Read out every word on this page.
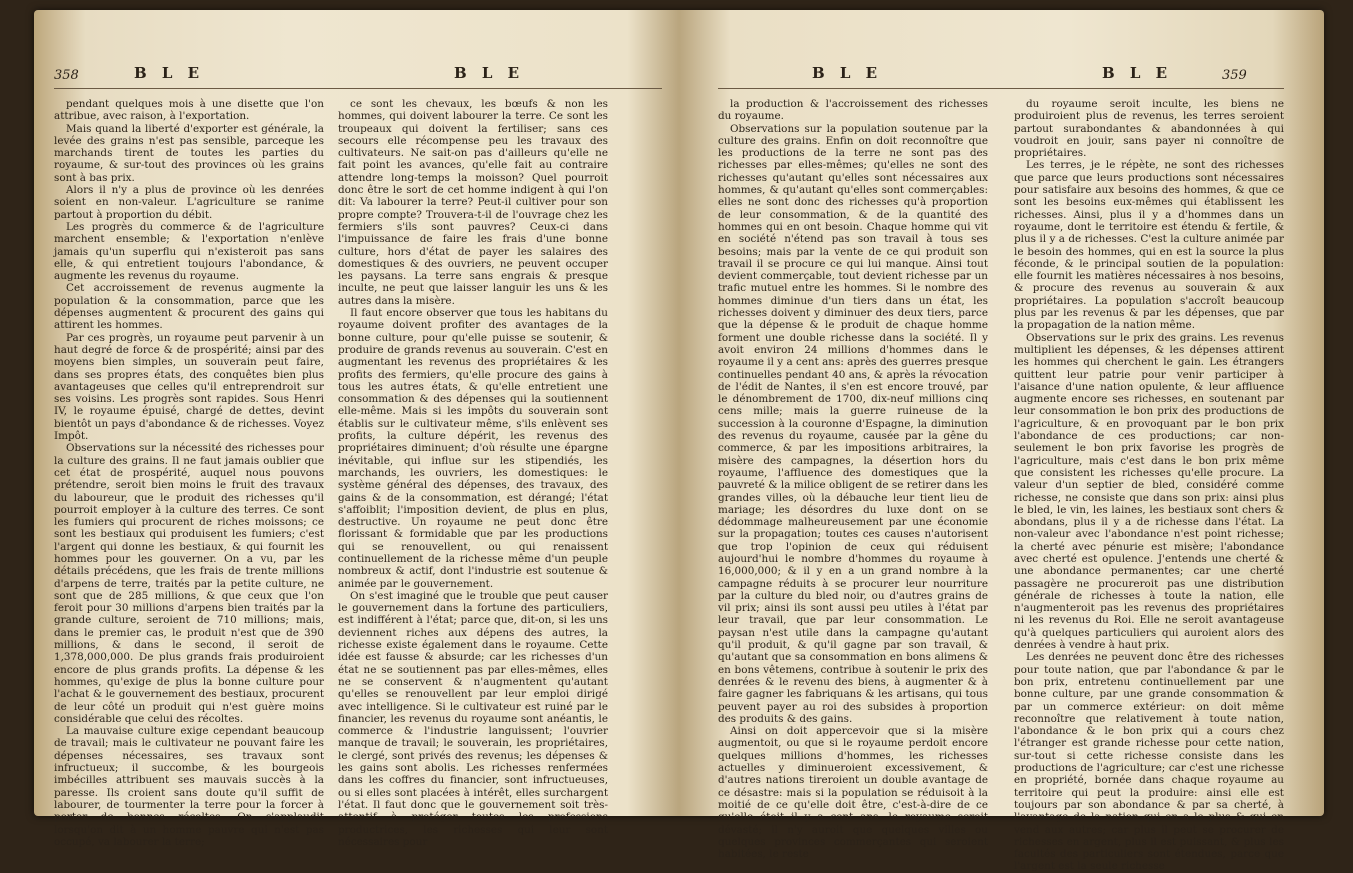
358	B L E	B L E

pendant quelques mois à une disette que l'on attribue, avec raison, à l'exportation.

Mais quand la liberté d'exporter est générale, la levée des grains n'est pas sensible, parceque les marchands tirent de toutes les parties du royaume, & sur-tout des provinces où les grains sont à bas prix.

Alors il n'y a plus de province où les denrées soient en non-valeur. L'agriculture se ranime partout à proportion du débit.

Les progrès du commerce & de l'agriculture marchent ensemble; & l'exportation n'enlève jamais qu'un superflu qui n'existeroit pas sans elle, & qui entretient toujours l'abondance, & augmente les revenus du royaume.

Cet accroissement de revenus augmente la population & la consommation, parce que les dépenses augmentent & procurent des gains qui attirent les hommes.

Par ces progrès, un royaume peut parvenir à un haut degré de force & de prospérité; ainsi par des moyens bien simples, un souverain peut faire, dans ses propres états, des conquêtes bien plus avantageuses que celles qu'il entreprendroit sur ses voisins. Les progrès sont rapides. Sous Henri IV, le royaume épuisé, chargé de dettes, devint bientôt un pays d'abondance & de richesses. Voyez Impôt.

Observations sur la nécessité des richesses pour la culture des grains. Il ne faut jamais oublier que cet état de prospérité, auquel nous pouvons prétendre, seroit bien moins le fruit des travaux du laboureur, que le produit des richesses qu'il pourroit employer à la culture des terres. Ce sont les fumiers qui procurent de riches moissons; ce sont les bestiaux qui produisent les fumiers; c'est l'argent qui donne les bestiaux, & qui fournit les hommes pour les gouverner. On a vu, par les détails précédens, que les frais de trente millions d'arpens de terre, traités par la petite culture, ne sont que de 285 millions, & que ceux que l'on feroit pour 30 millions d'arpens bien traités par la grande culture, seroient de 710 millions; mais, dans le premier cas, le produit n'est que de 390 millions, & dans le second, il seroit de 1,378,000,000. De plus grands frais produiroient encore de plus grands profits. La dépense & les hommes, qu'exige de plus la bonne culture pour l'achat & le gouvernement des bestiaux, procurent de leur côté un produit qui n'est guère moins considérable que celui des récoltes.

La mauvaise culture exige cependant beaucoup de travail; mais le cultivateur ne pouvant faire les dépenses nécessaires, ses travaux sont infructueux; il succombe, & les bourgeois imbécilles attribuent ses mauvais succès à la paresse. Ils croient sans doute qu'il suffit de labourer, de tourmenter la terre pour la forcer à porter de bonnes récoltes. On s'applaudit lorsqu'on dit à un homme pauvre qui n'est pas occupé, va labourer la terre;

ce sont les chevaux, les bœufs & non les hommes, qui doivent labourer la terre. Ce sont les troupeaux qui doivent la fertiliser; sans ces secours elle récompense peu les travaux des cultivateurs. Ne sait-on pas d'ailleurs qu'elle ne fait point les avances, qu'elle fait au contraire attendre long-temps la moisson? Quel pourroit donc être le sort de cet homme indigent à qui l'on dit: Va labourer la terre? Peut-il cultiver pour son propre compte? Trouvera-t-il de l'ouvrage chez les fermiers s'ils sont pauvres? Ceux-ci dans l'impuissance de faire les frais d'une bonne culture, hors d'état de payer les salaires des domestiques & des ouvriers, ne peuvent occuper les paysans. La terre sans engrais & presque inculte, ne peut que laisser languir les uns & les autres dans la misère.

Il faut encore observer que tous les habitans du royaume doivent profiter des avantages de la bonne culture, pour qu'elle puisse se soutenir, & produire de grands revenus au souverain. C'est en augmentant les revenus des propriétaires & les profits des fermiers, qu'elle procure des gains à tous les autres états, & qu'elle entretient une consommation & des dépenses qui la soutiennent elle-même. Mais si les impôts du souverain sont établis sur le cultivateur même, s'ils enlèvent ses profits, la culture dépérit, les revenus des propriétaires diminuent; d'où résulte une épargne inévitable, qui influe sur les stipendiés, les marchands, les ouvriers, les domestiques: le système général des dépenses, des travaux, des gains & de la consommation, est dérangé; l'état s'affoiblit; l'imposition devient, de plus en plus, destructive. Un royaume ne peut donc être florissant & formidable que par les productions qui se renouvellent, ou qui renaissent continuellement de la richesse même d'un peuple nombreux & actif, dont l'industrie est soutenue & animée par le gouvernement.

On s'est imaginé que le trouble que peut causer le gouvernement dans la fortune des particuliers, est indifférent à l'état; parce que, dit-on, si les uns deviennent riches aux dépens des autres, la richesse existe également dans le royaume. Cette idée est fausse & absurde; car les richesses d'un état ne se soutiennent pas par elles-mêmes, elles ne se conservent & n'augmentent qu'autant qu'elles se renouvellent par leur emploi dirigé avec intelligence. Si le cultivateur est ruiné par le financier, les revenus du royaume sont anéantis, le commerce & l'industrie languissent; l'ouvrier manque de travail; le souverain, les propriétaires, le clergé, sont privés des revenus; les dépenses & les gains sont abolis. Les richesses renfermées dans les coffres du financier, sont infructueuses, ou si elles sont placées à intérêt, elles surchargent l'état. Il faut donc que le gouvernement soit très-attentif à protéger toutes les professions productrices, les richesses qui leur sont nécessaires pour

B L E	B L E	359

la production & l'accroissement des richesses du royaume.

Observations sur la population soutenue par la culture des grains. Enfin on doit reconnoître que les productions de la terre ne sont pas des richesses par elles-mêmes; qu'elles ne sont des richesses qu'autant qu'elles sont nécessaires aux hommes, & qu'autant qu'elles sont commerçables: elles ne sont donc des richesses qu'à proportion de leur consommation, & de la quantité des hommes qui en ont besoin. Chaque homme qui vit en société n'étend pas son travail à tous ses besoins; mais par la vente de ce qui produit son travail il se procure ce qui lui manque. Ainsi tout devient commerçable, tout devient richesse par un trafic mutuel entre les hommes. Si le nombre des hommes diminue d'un tiers dans un état, les richesses doivent y diminuer des deux tiers, parce que la dépense & le produit de chaque homme forment une double richesse dans la société. Il y avoit environ 24 millions d'hommes dans le royaume il y a cent ans: après des guerres presque continuelles pendant 40 ans, & après la révocation de l'édit de Nantes, il s'en est encore trouvé, par le dénombrement de 1700, dix-neuf millions cinq cens mille; mais la guerre ruineuse de la succession à la couronne d'Espagne, la diminution des revenus du royaume, causée par la gêne du commerce, & par les impositions arbitraires, la misère des campagnes, la désertion hors du royaume, l'affluence des domestiques que la pauvreté & la milice obligent de se retirer dans les grandes villes, où la débauche leur tient lieu de mariage; les désordres du luxe dont on se dédommage malheureusement par une économie sur la propagation; toutes ces causes n'autorisent que trop l'opinion de ceux qui réduisent aujourd'hui le nombre d'hommes du royaume à 16,000,000; & il y en a un grand nombre à la campagne réduits à se procurer leur nourriture par la culture du bled noir, ou d'autres grains de vil prix; ainsi ils sont aussi peu utiles à l'état par leur travail, que par leur consommation. Le paysan n'est utile dans la campagne qu'autant qu'il produit, & qu'il gagne par son travail, & qu'autant que sa consommation en bons alimens & en bons vêtemens, contribue à soutenir le prix des denrées & le revenu des biens, à augmenter & à faire gagner les fabriquans & les artisans, qui tous peuvent payer au roi des subsides à proportion des produits & des gains.

Ainsi on doit appercevoir que si la misère augmentoit, ou que si le royaume perdoit encore quelques millions d'hommes, les richesses actuelles y diminueroient excessivement, & d'autres nations tireroient un double avantage de ce désastre: mais si la population se réduisoit à la moitié de ce qu'elle doit être, c'est-à-dire de ce qu'elle étoit il y a cent ans, le royaume seroit dévasté; il n'y auroit que quelques villes ou quelques provinces commerçantes qui seroient habitées, le reste

du royaume seroit inculte, les biens ne produiroient plus de revenus, les terres seroient partout surabondantes & abandonnées à qui voudroit en jouir, sans payer ni connoître de propriétaires.

Les terres, je le répète, ne sont des richesses que parce que leurs productions sont nécessaires pour satisfaire aux besoins des hommes, & que ce sont les besoins eux-mêmes qui établissent les richesses. Ainsi, plus il y a d'hommes dans un royaume, dont le territoire est étendu & fertile, & plus il y a de richesses. C'est la culture animée par le besoin des hommes, qui en est la source la plus féconde, & le principal soutien de la population: elle fournit les matières nécessaires à nos besoins, & procure des revenus au souverain & aux propriétaires. La population s'accroît beaucoup plus par les revenus & par les dépenses, que par la propagation de la nation même.

Observations sur le prix des grains. Les revenus multiplient les dépenses, & les dépenses attirent les hommes qui cherchent le gain. Les étrangers quittent leur patrie pour venir participer à l'aisance d'une nation opulente, & leur affluence augmente encore ses richesses, en soutenant par leur consommation le bon prix des productions de l'agriculture, & en provoquant par le bon prix l'abondance de ces productions; car non-seulement le bon prix favorise les progrès de l'agriculture, mais c'est dans le bon prix même que consistent les richesses qu'elle procure. La valeur d'un septier de bled, considéré comme richesse, ne consiste que dans son prix: ainsi plus le bled, le vin, les laines, les bestiaux sont chers & abondans, plus il y a de richesse dans l'état. La non-valeur avec l'abondance n'est point richesse; la cherté avec pénurie est misère; l'abondance avec cherté est opulence. J'entends une cherté & une abondance permanentes; car une cherté passagère ne procureroit pas une distribution générale de richesses à toute la nation, elle n'augmenteroit pas les revenus des propriétaires ni les revenus du Roi. Elle ne seroit avantageuse qu'à quelques particuliers qui auroient alors des denrées à vendre à haut prix.

Les denrées ne peuvent donc être des richesses pour toute nation, que par l'abondance & par le bon prix, entretenu continuellement par une bonne culture, par une grande consommation & par un commerce extérieur: on doit même reconnoître que relativement à toute nation, l'abondance & le bon prix qui a cours chez l'étranger est grande richesse pour cette nation, sur-tout si cette richesse consiste dans les productions de l'agriculture; car c'est une richesse en propriété, bornée dans chaque royaume au territoire qui peut la produire: ainsi elle est toujours par son abondance & par sa cherté, à l'avantage de la nation qui en a le plus & qui en vend aux autres; car plus il peut se procurer de richesses en argent, plus il est puissant, & plus les facultés des particuliers sont étendues, parce que l'argent est la seule richesse
